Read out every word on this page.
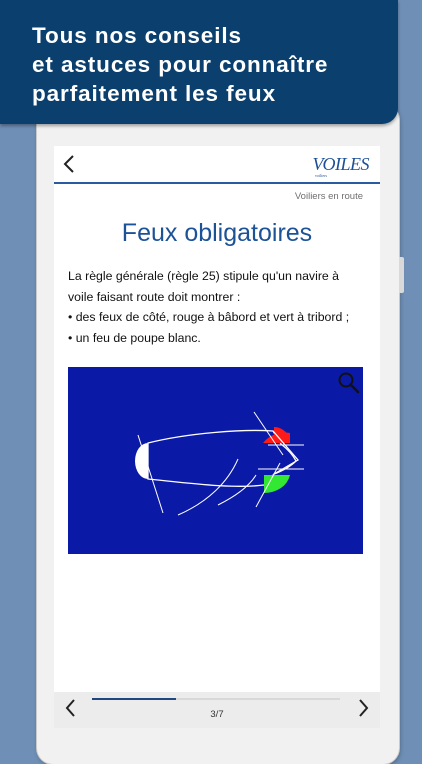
Tous nos conseils
et astuces pour connaître
parfaitement les feux
VOILES
voiliers
Voiliers en route
Feux obligatoires
La règle générale (règle 25) stipule qu'un navire à
voile faisant route doit montrer :
• des feux de côté, rouge à bâbord et vert à tribord ;
• un feu de poupe blanc.
3/7
